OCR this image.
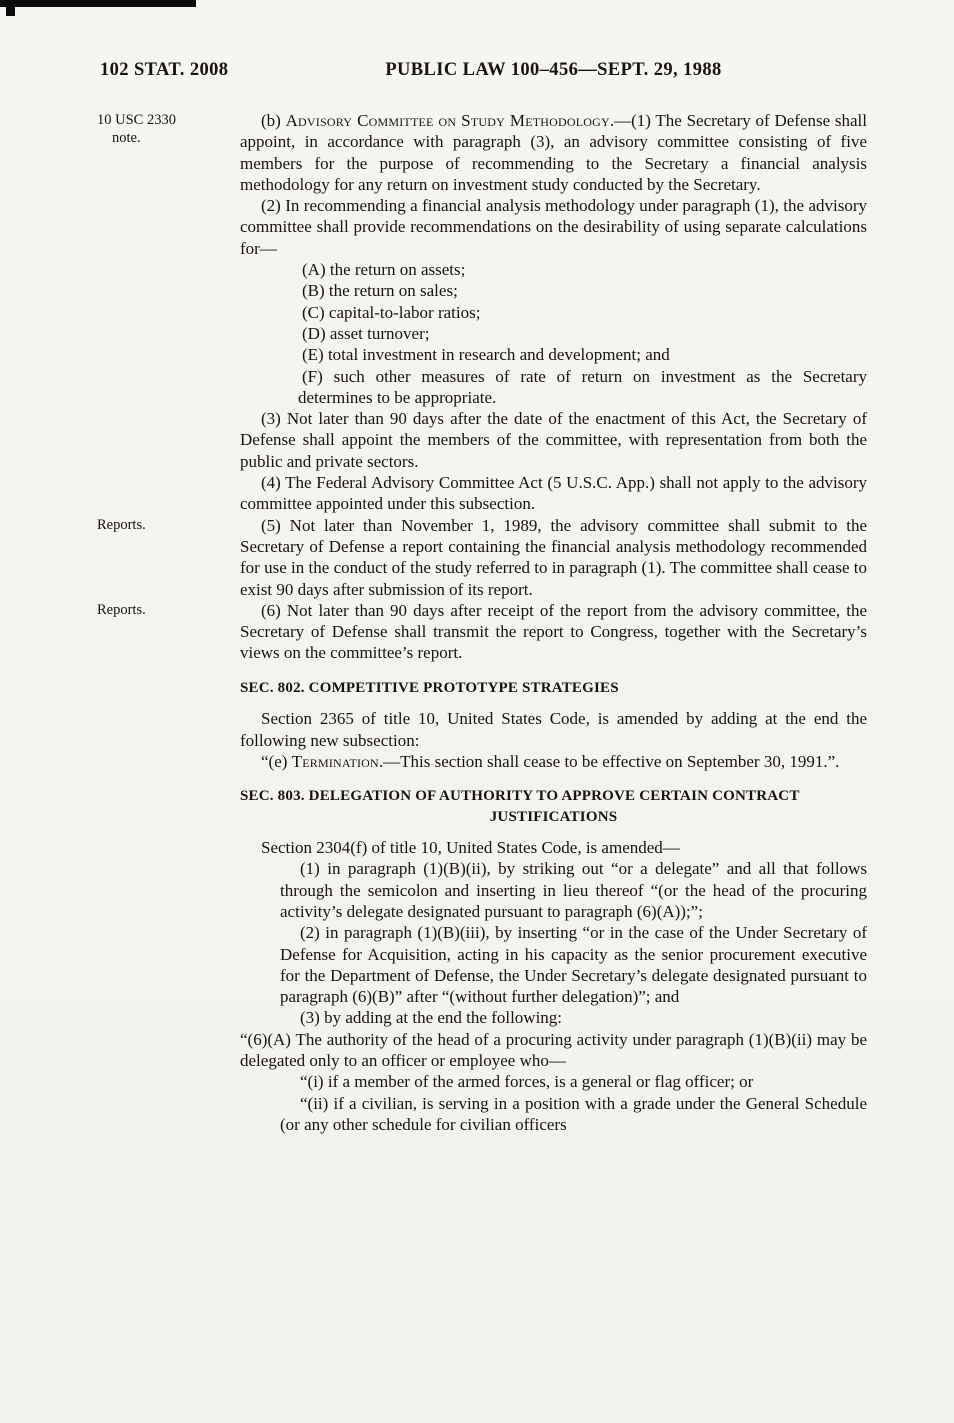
102 STAT. 2008	PUBLIC LAW 100–456—SEPT. 29, 1988
10 USC 2330
note.
(b) Advisory Committee on Study Methodology.—(1) The Secretary of Defense shall appoint, in accordance with paragraph (3), an advisory committee consisting of five members for the purpose of recommending to the Secretary a financial analysis methodology for any return on investment study conducted by the Secretary.
(2) In recommending a financial analysis methodology under paragraph (1), the advisory committee shall provide recommendations on the desirability of using separate calculations for—
(A) the return on assets;
(B) the return on sales;
(C) capital-to-labor ratios;
(D) asset turnover;
(E) total investment in research and development; and
(F) such other measures of rate of return on investment as the Secretary determines to be appropriate.
(3) Not later than 90 days after the date of the enactment of this Act, the Secretary of Defense shall appoint the members of the committee, with representation from both the public and private sectors.
(4) The Federal Advisory Committee Act (5 U.S.C. App.) shall not apply to the advisory committee appointed under this subsection.
Reports.	(5) Not later than November 1, 1989, the advisory committee shall submit to the Secretary of Defense a report containing the financial analysis methodology recommended for use in the conduct of the study referred to in paragraph (1). The committee shall cease to exist 90 days after submission of its report.
Reports.	(6) Not later than 90 days after receipt of the report from the advisory committee, the Secretary of Defense shall transmit the report to Congress, together with the Secretary’s views on the committee’s report.
SEC. 802. COMPETITIVE PROTOTYPE STRATEGIES
Section 2365 of title 10, United States Code, is amended by adding at the end the following new subsection:
“(e) Termination.—This section shall cease to be effective on September 30, 1991.”.
SEC. 803. DELEGATION OF AUTHORITY TO APPROVE CERTAIN CONTRACT
JUSTIFICATIONS
Section 2304(f) of title 10, United States Code, is amended—
(1) in paragraph (1)(B)(ii), by striking out “or a delegate” and all that follows through the semicolon and inserting in lieu thereof “(or the head of the procuring activity’s delegate designated pursuant to paragraph (6)(A));”;
(2) in paragraph (1)(B)(iii), by inserting “or in the case of the Under Secretary of Defense for Acquisition, acting in his capacity as the senior procurement executive for the Department of Defense, the Under Secretary’s delegate designated pursuant to paragraph (6)(B)” after “(without further delegation)”; and
(3) by adding at the end the following:
“(6)(A) The authority of the head of a procuring activity under paragraph (1)(B)(ii) may be delegated only to an officer or employee who—
“(i) if a member of the armed forces, is a general or flag officer; or
“(ii) if a civilian, is serving in a position with a grade under the General Schedule (or any other schedule for civilian officers
